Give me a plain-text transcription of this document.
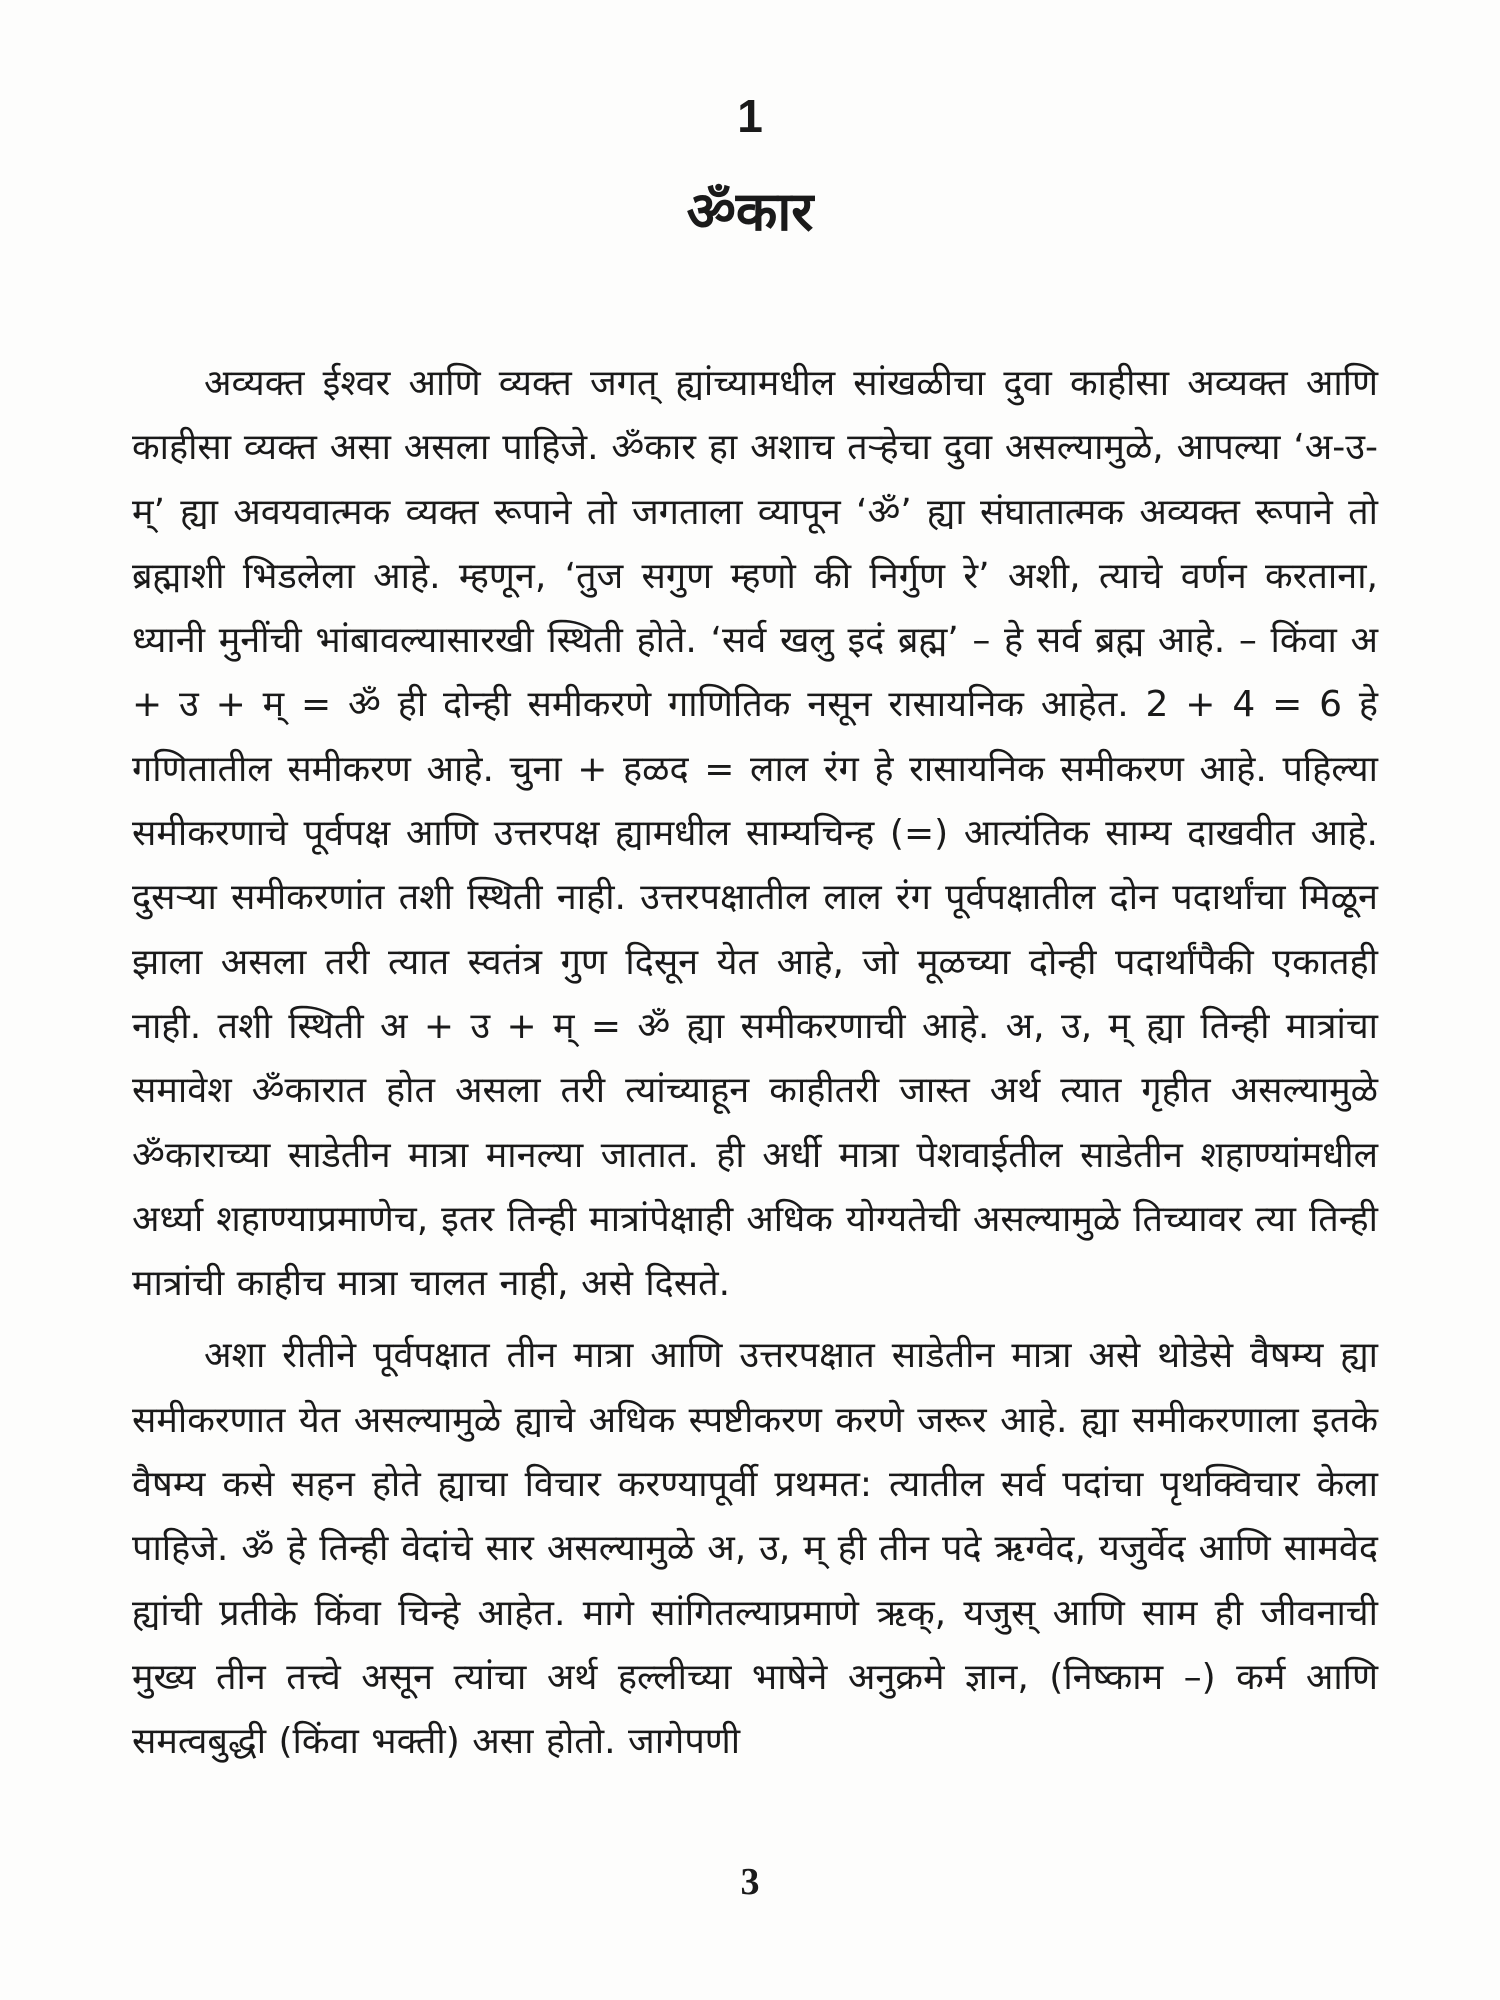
1
ॐकार

अव्यक्त ईश्वर आणि व्यक्त जगत् ह्यांच्यामधील सांखळीचा दुवा काहीसा अव्यक्त आणि काहीसा व्यक्त असा असला पाहिजे. ॐकार हा अशाच तऱ्हेचा दुवा असल्यामुळे, आपल्या ‘अ-उ-म्’ ह्या अवयवात्मक व्यक्त रूपाने तो जगताला व्यापून ‘ॐ’ ह्या संघातात्मक अव्यक्त रूपाने तो ब्रह्माशी भिडलेला आहे. म्हणून, ‘तुज सगुण म्हणो की निर्गुण रे’ अशी, त्याचे वर्णन करताना, ध्यानी मुनींची भांबावल्यासारखी स्थिती होते. ‘सर्व खलु इदं ब्रह्म’ – हे सर्व ब्रह्म आहे. – किंवा अ + उ + म् = ॐ ही दोन्ही समीकरणे गाणितिक नसून रासायनिक आहेत. 2 + 4 = 6 हे गणितातील समीकरण आहे. चुना + हळद = लाल रंग हे रासायनिक समीकरण आहे. पहिल्या समीकरणाचे पूर्वपक्ष आणि उत्तरपक्ष ह्यामधील साम्यचिन्ह (=) आत्यंतिक साम्य दाखवीत आहे. दुसऱ्या समीकरणांत तशी स्थिती नाही. उत्तरपक्षातील लाल रंग पूर्वपक्षातील दोन पदार्थांचा मिळून झाला असला तरी त्यात स्वतंत्र गुण दिसून येत आहे, जो मूळच्या दोन्ही पदार्थांपैकी एकातही नाही. तशी स्थिती अ + उ + म् = ॐ ह्या समीकरणाची आहे. अ, उ, म् ह्या तिन्ही मात्रांचा समावेश ॐकारात होत असला तरी त्यांच्याहून काहीतरी जास्त अर्थ त्यात गृहीत असल्यामुळे ॐकाराच्या साडेतीन मात्रा मानल्या जातात. ही अर्धी मात्रा पेशवाईतील साडेतीन शहाण्यांमधील अर्ध्या शहाण्याप्रमाणेच, इतर तिन्ही मात्रांपेक्षाही अधिक योग्यतेची असल्यामुळे तिच्यावर त्या तिन्ही मात्रांची काहीच मात्रा चालत नाही, असे दिसते.

अशा रीतीने पूर्वपक्षात तीन मात्रा आणि उत्तरपक्षात साडेतीन मात्रा असे थोडेसे वैषम्य ह्या समीकरणात येत असल्यामुळे ह्याचे अधिक स्पष्टीकरण करणे जरूर आहे. ह्या समीकरणाला इतके वैषम्य कसे सहन होते ह्याचा विचार करण्यापूर्वी प्रथमत: त्यातील सर्व पदांचा पृथक्विचार केला पाहिजे. ॐ हे तिन्ही वेदांचे सार असल्यामुळे अ, उ, म् ही तीन पदे ऋग्वेद, यजुर्वेद आणि सामवेद ह्यांची प्रतीके किंवा चिन्हे आहेत. मागे सांगितल्याप्रमाणे ऋक्, यजुस् आणि साम ही जीवनाची मुख्य तीन तत्त्वे असून त्यांचा अर्थ हल्लीच्या भाषेने अनुक्रमे ज्ञान, (निष्काम –) कर्म आणि समत्वबुद्धी (किंवा भक्ती) असा होतो. जागेपणी

3
